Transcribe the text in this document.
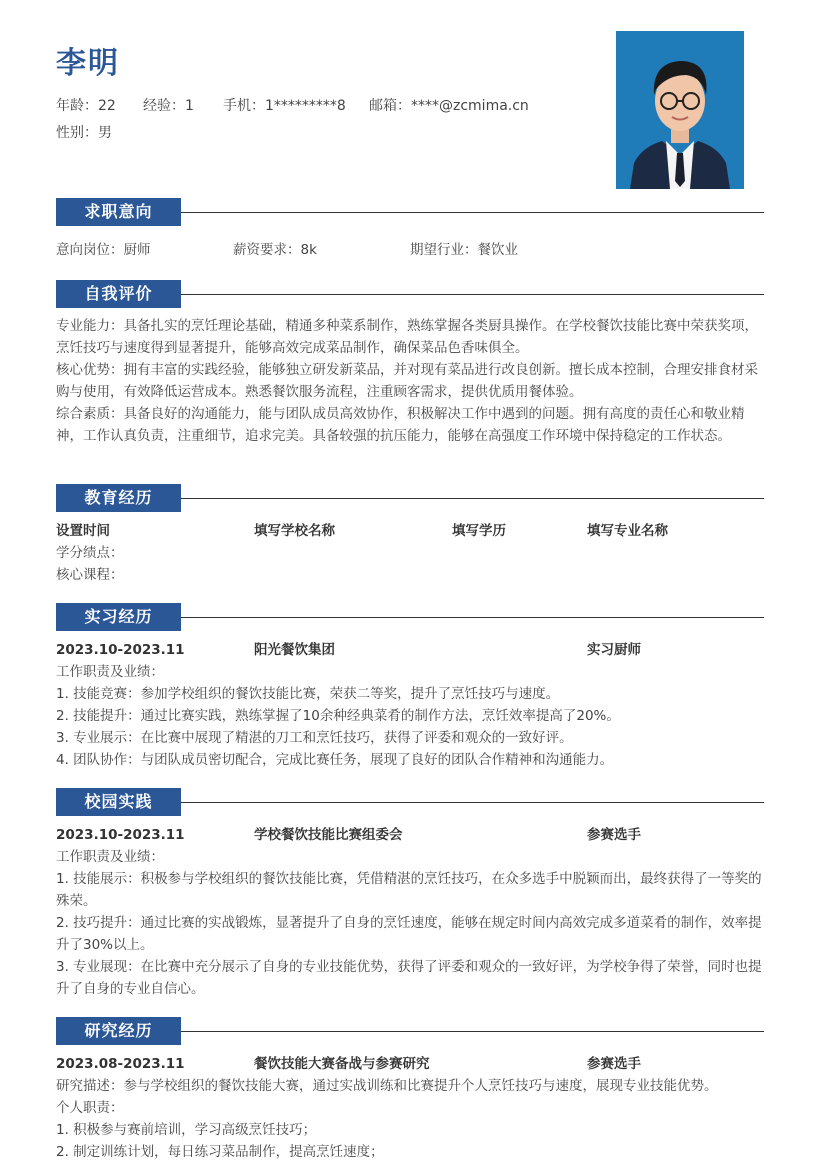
李明
年龄：22	经验：1	手机：1*********8	邮箱：****@zcmima.cn
性别：男
求职意向
意向岗位：厨师	薪资要求：8k	期望行业：餐饮业
自我评价
专业能力：具备扎实的烹饪理论基础，精通多种菜系制作，熟练掌握各类厨具操作。在学校餐饮技能比赛中荣获奖项，烹饪技巧与速度得到显著提升，能够高效完成菜品制作，确保菜品色香味俱全。
核心优势：拥有丰富的实践经验，能够独立研发新菜品，并对现有菜品进行改良创新。擅长成本控制，合理安排食材采购与使用，有效降低运营成本。熟悉餐饮服务流程，注重顾客需求，提供优质用餐体验。
综合素质：具备良好的沟通能力，能与团队成员高效协作，积极解决工作中遇到的问题。拥有高度的责任心和敬业精神，工作认真负责，注重细节，追求完美。具备较强的抗压能力，能够在高强度工作环境中保持稳定的工作状态。
教育经历
设置时间	填写学校名称	填写学历	填写专业名称
学分绩点：
核心课程：
实习经历
2023.10-2023.11	阳光餐饮集团	实习厨师
工作职责及业绩：
1. 技能竞赛：参加学校组织的餐饮技能比赛，荣获二等奖，提升了烹饪技巧与速度。
2. 技能提升：通过比赛实践，熟练掌握了10余种经典菜肴的制作方法，烹饪效率提高了20%。
3. 专业展示：在比赛中展现了精湛的刀工和烹饪技巧，获得了评委和观众的一致好评。
4. 团队协作：与团队成员密切配合，完成比赛任务，展现了良好的团队合作精神和沟通能力。
校园实践
2023.10-2023.11	学校餐饮技能比赛组委会	参赛选手
工作职责及业绩：
1. 技能展示：积极参与学校组织的餐饮技能比赛，凭借精湛的烹饪技巧，在众多选手中脱颖而出，最终获得了一等奖的殊荣。
2. 技巧提升：通过比赛的实战锻炼，显著提升了自身的烹饪速度，能够在规定时间内高效完成多道菜肴的制作，效率提升了30%以上。
3. 专业展现：在比赛中充分展示了自身的专业技能优势，获得了评委和观众的一致好评，为学校争得了荣誉，同时也提升了自身的专业自信心。
研究经历
2023.08-2023.11	餐饮技能大赛备战与参赛研究	参赛选手
研究描述：参与学校组织的餐饮技能大赛，通过实战训练和比赛提升个人烹饪技巧与速度，展现专业技能优势。
个人职责：
1. 积极参与赛前培训，学习高级烹饪技巧；
2. 制定训练计划，每日练习菜品制作，提高烹饪速度；
